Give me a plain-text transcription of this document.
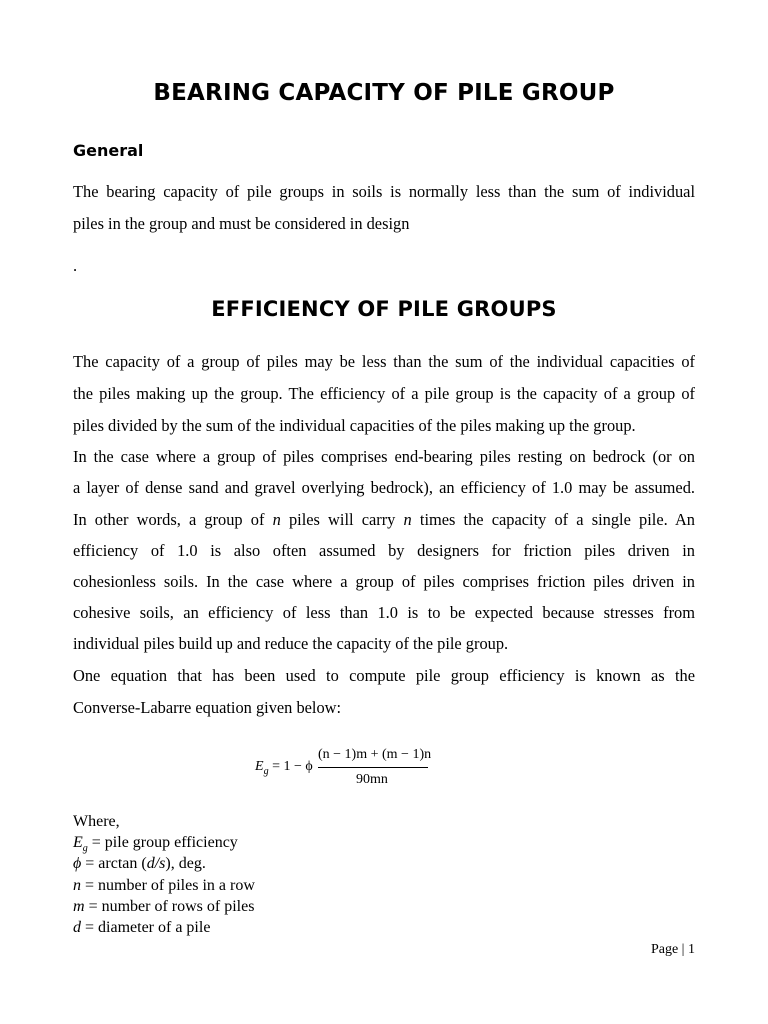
BEARING CAPACITY OF PILE GROUP
General
The bearing capacity of pile groups in soils is normally less than the sum of individual
piles in the group and must be considered in design
.
EFFICIENCY OF PILE GROUPS
The capacity of a group of piles may be less than the sum of the individual capacities of
the piles making up the group. The efficiency of a pile group is the capacity of a group of
piles divided by the sum of the individual capacities of the piles making up the group.
In the case where a group of piles comprises end-bearing piles resting on bedrock (or on
a layer of dense sand and gravel overlying bedrock), an efficiency of 1.0 may be assumed.
In other words, a group of n piles will carry n times the capacity of a single pile. An
efficiency of 1.0 is also often assumed by designers for friction piles driven in
cohesionless soils. In the case where a group of piles comprises friction piles driven in
cohesive soils, an efficiency of less than 1.0 is to be expected because stresses from
individual piles build up and reduce the capacity of the pile group.
One equation that has been used to compute pile group efficiency is known as the
Converse-Labarre equation given below:
$E_g = 1 - \phi$
(n − 1)m + (m − 1)n
90mn
Where,
$E_g$ = pile group efficiency
ϕ = arctan (d/s), deg.
n = number of piles in a row
m = number of rows of piles
d = diameter of a pile
Page | 1
